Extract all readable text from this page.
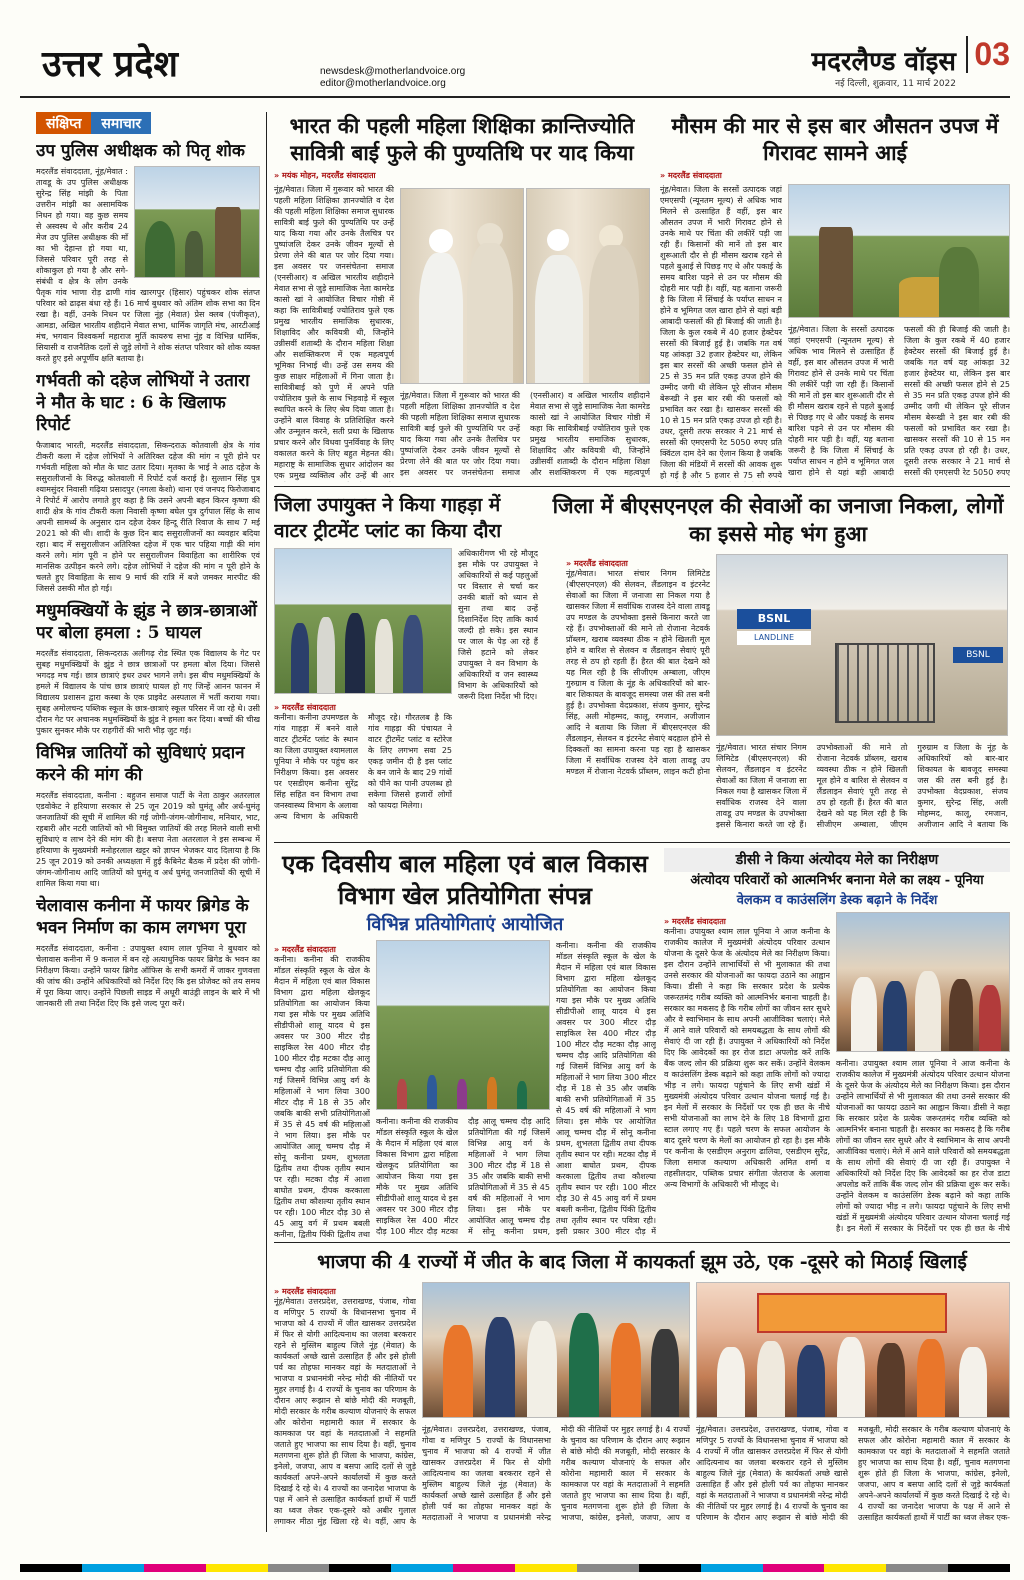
उत्तर प्रदेश	newsdesk@motherlandvoice.org
editor@motherlandvoice.org
मदरलैण्ड वॉइस 03
नई दिल्ली, शुक्रवार, 11 मार्च 2022
संक्षिप्त	समाचार
उप पुलिस अधीक्षक को पितृ शोक
मदरलैंड संवाददाता, नूंह/मेवात : तावडू के उप पुलिस अधीक्षक सुरेन्द्र सिंह मांझी के पिता उत्तरीन मांझी का असामयिक निधन हो गया। वह कुछ समय से अस्वस्थ थे और करीब 24 मेज उप पुलिस अधीक्षक की माँ का भी देहान्त हो गया था, जिससे परिवार पूरी तरह से शोकाकुल हो गया है और सगे-संबंधी व क्षेत्र के लोग उनके पैतृक गांव भाणा रोड़ ढाणी गांव खारगपुर (हिसार) पहुंचकर शोक संतप्त परिवार को ढाढ़स बंधा रहे हैं। 16 मार्च बुधवार को अंतिम शोक सभा का दिन रखा है। वहीं, उनके निधन पर जिला नूंह (मेवात) प्रेस क्लब (पंजीकृत), आमडा, अखिल भारतीय शहीदाने मेवात सभा, धार्मिक जागृति मंच, आरटीआई मंच, भगवान विश्वकर्मा महाराज मुर्ति कायरुच सभा नूंह व विभिन्न धार्मिक, सियासी व राजनैतिक दलों से जुड़े लोगों ने शोक संतप्त परिवार को शोक व्यक्त करते हुए इसे अपूर्णीय क्षति बताया है।
गर्भवती को दहेज लोभियों ने उतारा ने मौत के घाट : 6 के खिलाफ रिपोर्ट
फैजाबाद भारती, मदरलैंड संवाददाता, सिकन्दराऊ कोतवाली क्षेत्र के गांव टीकरी कला में दहेज लोभियों ने अतिरिक्त दहेज की मांग न पूरी होने पर गर्भवती महिला को मौत के घाट उतार दिया। मृतका के भाई ने आठ दहेज के ससुरालीजनों के विरुद्ध कोतवाली में रिपोर्ट दर्ज कराई है। सुल्तान सिंह पुत्र श्यामसुंदर निवासी गढ़िया प्रसादपुर (नगला केशो) थाना एवं जनपद फिरोजाबाद ने रिपोर्ट में आरोप लगाते हुए कहा है कि उसने अपनी बहन किरन कृष्णा की शादी क्षेत्र के गांव टीकरी कला निवासी कृष्णा बघेल पुत्र दुर्गपाल सिंह के साथ अपनी सामर्थ्य के अनुसार दान दहेज देकर हिन्दू रीति रिवाज के साथ 7 मई 2021 को की थी। शादी के कुछ दिन बाद ससुरालीजनों का व्यवहार बदिया रहा। बाद में ससुरालीजन अतिरिक्त दहेज में एक चार पहिया गाड़ी की मांग करने लगे। मांग पूरी न होने पर ससुरालीजन विवाहिता का शारीरिक एवं मानसिक उत्पीड़न करने लगे। दहेज लोभियों ने दहेज की मांग न पूरी होने के चलते हुए विवाहिता के साथ 9 मार्च की रात्रि में बजे जमकर मारपीट की जिससे उसकी मौत हो गई।
मधुमक्खियों के झुंड ने छात्र-छात्राओं पर बोला हमला : 5 घायल
मदरलैंड संवाददाता, सिकन्दराऊ अलीगढ़ रोड स्थित एक विद्यालय के गेट पर सुबह मधुमक्खियों के झुंड ने छात्र छात्राओं पर हमला बोल दिया। जिससे भगदड़ मच गई। छात्र छात्राएं इधर उधर भागने लगे। इस बीच मधुमक्खियों के हमले में विद्यालय के पांच छात्र छात्राएं घायल हो गए जिन्हें आनन फानन में विद्यालय प्रशासन द्वारा कस्बा के एक प्राइवेट अस्पताल में भर्ती कराया गया। सुबह अमोलचन्द पब्लिक स्कूल के छात्र-छात्राएं स्कूल परिसर में जा रहे थे। उसी दौरान गेट पर अचानक मधुमक्खियों के झुंड ने हमला कर दिया। बच्चों की चीख पुकार सुनकर मौके पर राहगीरों की भारी भीड़ जुट गई।
विभिन्न जातियों को सुविधाएं प्रदान करने की मांग की
मदरलैंड संवाददाता, कनीना : बहुजन समाज पार्टी के नेता ठाकुर अतरलाल एडवोकेट ने हरियाणा सरकार से 25 जून 2019 को घुमंतू और अर्ध-घुमंतू जनजातियों की सूची में शामिल की गई जोगी-जंगम-जोगीनाथ, मनियार, भाट, रहबारी और नटरी जातियों को भी विमुक्त जातियों की तरह मिलने वाली सभी सुविधाएं व लाभ देने की मांग की है। बसपा नेता अतरलाल ने इस सम्बन्ध में हरियाणा के मुख्यमंत्री मनोहरलाल खट्टर को ज्ञापन भेजकर याद दिलाया है कि 25 जून 2019 को उनकी अध्यक्षता में हुई कैबिनेट बैठक में प्रदेश की जोगी-जंगम-जोगीनाथ आदि जातियों को घुमंतू व अर्ध घुमंतू जनजातियों की सूची में शामिल किया गया था।
चेलावास कनीना में फायर ब्रिगेड के भवन निर्माण का काम लगभग पूरा
मदरलैंड संवाददाता, कनीना : उपायुक्त श्याम लाल पूनिया ने बुधवार को चेलावास कनीना में 9 कनाल में बन रहे अत्याधुनिक फायर ब्रिगेड के भवन का निरीक्षण किया। उन्होंने फायर ब्रिगेड ऑफिस के सभी कमरों में जाकर गुणवत्ता की जांच की। उन्होंने अधिकारियों को निर्देश दिए कि इस प्रोजेक्ट को तय समय में पूरा किया जाए। उन्होंने पिछली साइड में अधूरी बाउंड्री लाइन के बारे में भी जानकारी ली तथा निर्देश दिए कि इसे जल्द पूरा करें।
भारत की पहली महिला शिक्षिका क्रान्तिज्योति सावित्री बाई फुले की पुण्यतिथि पर याद किया
» मयंक मोहन, मदरलैंड संवाददाता
नूंह/मेवात। जिला में गुरूवार को भारत की पहली महिला शिक्षिका ज्ञानज्योति व देश की पहली महिला शिक्षिका समाज सुधारक सावित्री बाई फुले की पुण्यतिथि पर उन्हें याद किया गया और उनके तैलचित्र पर पुष्पांजलि देकर उनके जीवन मूल्यों से प्रेरणा लेने की बात पर जोर दिया गया। इस अवसर पर जनसंचेतना समाज (एनसीआर) व अखिल भारतीय शहीदाने मेवात सभा से जुड़े सामाजिक नेता कामरेड कासो खां ने आयोजित विचार गोष्ठी में कहा कि सावित्रीबाई ज्योतिराव फुले एक प्रमुख भारतीय समाजिक सुधारक, शिक्षाविद और कवियत्री थी, जिन्होंने उन्नीसवीं शताब्दी के दौरान महिला शिक्षा और सशक्तिकरण में एक महत्वपूर्ण भूमिका निभाई थी। उन्हें उस समय की कुछ साक्षर महिलाओं में गिना जाता है। सावित्रीबाई को पुणे में अपने पति ज्योतिराव फुले के साथ भिड़वाड़े में स्कूल स्थापित करने के लिए श्रेय दिया जाता है। उन्होंने बाल विवाह के प्रतिशिक्षित करने और उन्मूलन करने, सती प्रथा के खिलाफ प्रचार करने और विधवा पुनर्विवाह के लिए वकालत करने के लिए बहुत मेहनत की। महाराष्ट्र के सामाजिक सुधार आंदोलन का एक प्रमुख व्यक्तित्व और उन्हें बी आर
नूंह/मेवात। जिला में गुरूवार को भारत की पहली महिला शिक्षिका ज्ञानज्योति व देश की पहली महिला शिक्षिका समाज सुधारक सावित्री बाई फुले की पुण्यतिथि पर उन्हें याद किया गया और उनके तैलचित्र पर पुष्पांजलि देकर उनके जीवन मूल्यों से प्रेरणा लेने की बात पर जोर दिया गया। इस अवसर पर जनसंचेतना समाज (एनसीआर) व अखिल भारतीय शहीदाने मेवात सभा से जुड़े सामाजिक नेता कामरेड कासो खां ने आयोजित विचार गोष्ठी में कहा कि सावित्रीबाई ज्योतिराव फुले एक प्रमुख भारतीय समाजिक सुधारक, शिक्षाविद और कवियत्री थी, जिन्होंने उन्नीसवीं शताब्दी के दौरान महिला शिक्षा और सशक्तिकरण में एक महत्वपूर्ण
मौसम की मार से इस बार औसतन उपज में गिरावट सामने आई
» मदरलैंड संवाददाता
नूंह/मेवात। जिला के सरसों उत्पादक जहां एमएसपी (न्यूनतम मूल्य) से अधिक भाव मिलने से उत्साहित हैं वहीं, इस बार औसतन उपज में भारी गिरावट होने से उनके माथे पर चिंता की लकीरें पड़ी जा रही हैं। किसानों की मानें तो इस बार शुरूआती दौर से ही मौसम खराब रहने से पहले बुआई से पिछड़ गए थे और पकाई के समय बारिश पड़ने से उन पर मौसम की दोहरी मार पड़ी है। वहीं, यह बताना जरूरी है कि जिला में सिंचाई के पर्याप्त साधन न होने व भूमिगत जल खारा होने से यहां बड़ी आबादी फसलों की ही बिजाई की जाती है। जिला के कुल रकबे में 40 हजार हेक्टेयर सरसों की बिजाई हुई है। जबकि गत वर्ष यह आंकड़ा 32 हजार हेक्टेयर था, लेकिन इस बार सरसों की अच्छी फसल होने से 25 से 35 मन प्रति एकड़ उपज होने की उम्मीद जगी थी लेकिन पूरे सीजन मौसम बेरूखी ने इस बार रबी की फसलों को प्रभावित कर रखा है। खासकर सरसों की 10 से 15 मन प्रति एकड़ उपज हो रही है। उधर, दूसरी तरफ सरकार ने 21 मार्च से सरसों की एमएसपी रेट 5050 रुपए प्रति क्विंटल दाम देने का ऐलान किया है जबकि जिला की मंडियों में सरसों की आवक शुरू हो गई है और 5 हजार से 75 सौ रुपये
नूंह/मेवात। जिला के सरसों उत्पादक जहां एमएसपी (न्यूनतम मूल्य) से अधिक भाव मिलने से उत्साहित हैं वहीं, इस बार औसतन उपज में भारी गिरावट होने से उनके माथे पर चिंता की लकीरें पड़ी जा रही हैं। किसानों की मानें तो इस बार शुरूआती दौर से ही मौसम खराब रहने से पहले बुआई से पिछड़ गए थे और पकाई के समय बारिश पड़ने से उन पर मौसम की दोहरी मार पड़ी है। वहीं, यह बताना जरूरी है कि जिला में सिंचाई के पर्याप्त साधन न होने व भूमिगत जल खारा होने से यहां बड़ी आबादी फसलों की ही बिजाई की जाती है। जिला के कुल रकबे में 40 हजार हेक्टेयर सरसों की बिजाई हुई है। जबकि गत वर्ष यह आंकड़ा 32 हजार हेक्टेयर था, लेकिन इस बार सरसों की अच्छी फसल होने से 25 से 35 मन प्रति एकड़ उपज होने की उम्मीद जगी थी लेकिन पूरे सीजन मौसम बेरूखी ने इस बार रबी की फसलों को प्रभावित कर रखा है। खासकर सरसों की 10 से 15 मन प्रति एकड़ उपज हो रही है। उधर, दूसरी तरफ सरकार ने 21 मार्च से सरसों की एमएसपी रेट 5050 रुपए
जिला उपायुक्त ने किया गाहड़ा में वाटर ट्रीटमेंट प्लांट का किया दौरा
अधिकारीगण भी रहे मौजूद इस मौके पर उपायुक्त ने अधिकारियों से कई पहलुओं पर विस्तार से चर्चा कर उनकी बातों को ध्यान से सुना तथा बाद उन्हें दिशानिर्देश दिए ताकि कार्य जल्दी हो सके। इस स्थान पर जाल के पेड़ आ रहे हैं जिसे हटाने को लेकर उपायुक्त ने वन विभाग के अधिकारियों व जन स्वास्थ्य विभाग के अधिकारियों को जरूरी दिशा निर्देश भी दिए।
» मदरलैंड संवाददाता
कनीना। कनीना उपमण्डल के गांव गाहड़ा में बनने वाले वाटर ट्रीटमेंट प्लांट के स्थान का जिला उपायुक्त श्यामलाल पूनिया ने मौके पर पहुंच कर निरीक्षण किया। इस अवसर पर एसडीएम कनीना सुरेंद्र सिंह सहित वन विभाग तथा जनस्वास्थ्य विभाग के अलावा अन्य विभाग के अधिकारी मौजूद रहे। गौरतलब है कि गांव गाहड़ा की पंचायत ने वाटर ट्रीटमेंट प्लांट व स्टोरेज के लिए लगभग सवा 25 एकड़ जमीन दी है इस प्लांट के बन जाने के बाद 29 गांवों को पीने का पानी उपलब्ध हो सकेगा जिससे हजारों लोगों को फायदा मिलेगा।
जिला में बीएसएनएल की सेवाओं का जनाजा निकला, लोगों का इससे मोह भंग हुआ
» मदरलैंड संवाददाता
नूंह/मेवात। भारत संचार निगम लिमिटेड (बीएसएनएल) की सेलवन, लैंडलाइन व इंटरनेट सेवाओं का जिला में जनाजा सा निकल गया है खासकर जिला में सर्वाधिक राजस्व देने वाला तावडू उप मण्डल के उपभोक्ता इससे किनारा करते जा रहे हैं। उपभोक्ताओं की माने तो रोजाना नेटवर्क प्रॉब्लम, खराब व्यवस्था ठीक न होने खिलती मूल होने व बारिश से सेलवन व लैंडलाइन सेवाएं पूरी तरह से ठप हो रहती हैं। हैरत की बात देखने को यह मिल रही है कि सीजीएम अम्बाला, जीएम गुरुग्राम व जिला के नूंह के अधिकारियों को बार-बार शिकायत के बावजूद समस्या जस की तस बनी हुई है। उपभोक्ता वेदप्रकाश, संजय कुमार, सुरेन्द्र सिंह, अली मोहम्मद, कालू, रमजान, अजीजान आदि ने बताया कि जिला में बीएसएनएल की लैंडलाइन, सेलवन व इंटरनेट सेवाएं बदहाल होने से दिक्कतों का सामना करना पड़ रहा है खासकर जिला में सर्वाधिक राजस्व देने वाला तावडू उप मण्डल में रोजाना नेटवर्क प्रॉब्लम, लाइन कटी होना
BSNL
LANDLINE
BSNL
नूंह/मेवात। भारत संचार निगम लिमिटेड (बीएसएनएल) की सेलवन, लैंडलाइन व इंटरनेट सेवाओं का जिला में जनाजा सा निकल गया है खासकर जिला में सर्वाधिक राजस्व देने वाला तावडू उप मण्डल के उपभोक्ता इससे किनारा करते जा रहे हैं। उपभोक्ताओं की माने तो रोजाना नेटवर्क प्रॉब्लम, खराब व्यवस्था ठीक न होने खिलती मूल होने व बारिश से सेलवन व लैंडलाइन सेवाएं पूरी तरह से ठप हो रहती हैं। हैरत की बात देखने को यह मिल रही है कि सीजीएम अम्बाला, जीएम गुरुग्राम व जिला के नूंह के अधिकारियों को बार-बार शिकायत के बावजूद समस्या जस की तस बनी हुई है। उपभोक्ता वेदप्रकाश, संजय कुमार, सुरेन्द्र सिंह, अली मोहम्मद, कालू, रमजान, अजीजान आदि ने बताया कि
एक दिवसीय बाल महिला एवं बाल विकास विभाग खेल प्रतियोगिता संपन्न
विभिन्न प्रतियोगिताएं आयोजित
» मदरलैंड संवाददाता
कनीना। कनीना की राजकीय मॉडल संस्कृति स्कूल के खेल के मैदान में महिला एवं बाल विकास विभाग द्वारा महिला खेलकूद प्रतियोगिता का आयोजन किया गया इस मौके पर मुख्य अतिथि सीडीपीओ शालू यादव थे इस अवसर पर 300 मीटर दौड़ साइकिल रेस 400 मीटर दौड़ 100 मीटर दौड़ मटका दौड़ आलू चम्मच दौड़ आदि प्रतियोगिता की गई जिसमें विभिन्न आयु वर्ग के महिलाओं ने भाग लिया 300 मीटर दौड़ में 18 से 35 और जबकि बाकी सभी प्रतियोगिताओं में 35 से 45 वर्ष की महिलाओं ने भाग लिया। इस मौके पर आयोजित आलू चम्मच दौड़ में सोनू कनीना प्रथम, शुभलता द्वितीय तथा दीपक तृतीय स्थान पर रही। मटका दौड़ में आशा बाघोत प्रथम, दीपक करकाला द्वितीय तथा कौशल्या तृतीय स्थान पर रही। 100 मीटर दौड़ 30 से 45 आयु वर्ग में प्रथम बबली कनीना, द्वितीय पिंकी द्वितीय तथा
कनीना। कनीना की राजकीय मॉडल संस्कृति स्कूल के खेल के मैदान में महिला एवं बाल विकास विभाग द्वारा महिला खेलकूद प्रतियोगिता का आयोजन किया गया इस मौके पर मुख्य अतिथि सीडीपीओ शालू यादव थे इस अवसर पर 300 मीटर दौड़ साइकिल रेस 400 मीटर दौड़ 100 मीटर दौड़ मटका दौड़ आलू चम्मच दौड़ आदि प्रतियोगिता की गई जिसमें विभिन्न आयु वर्ग के महिलाओं ने भाग लिया 300 मीटर दौड़ में 18 से 35 और जबकि बाकी सभी प्रतियोगिताओं में 35 से 45 वर्ष की महिलाओं ने भाग लिया। इस मौके पर आयोजित आलू चम्मच दौड़ में सोनू कनीना प्रथम,
कनीना। कनीना की राजकीय मॉडल संस्कृति स्कूल के खेल के मैदान में महिला एवं बाल विकास विभाग द्वारा महिला खेलकूद प्रतियोगिता का आयोजन किया गया इस मौके पर मुख्य अतिथि सीडीपीओ शालू यादव थे इस अवसर पर 300 मीटर दौड़ साइकिल रेस 400 मीटर दौड़ 100 मीटर दौड़ मटका दौड़ आलू चम्मच दौड़ आदि प्रतियोगिता की गई जिसमें विभिन्न आयु वर्ग के महिलाओं ने भाग लिया 300 मीटर दौड़ में 18 से 35 और जबकि बाकी सभी प्रतियोगिताओं में 35 से 45 वर्ष की महिलाओं ने भाग लिया। इस मौके पर आयोजित आलू चम्मच दौड़ में सोनू कनीना प्रथम, शुभलता द्वितीय तथा दीपक तृतीय स्थान पर रही। मटका दौड़ में आशा बाघोत प्रथम, दीपक करकाला द्वितीय तथा कौशल्या तृतीय स्थान पर रही। 100 मीटर दौड़ 30 से 45 आयु वर्ग में प्रथम बबली कनीना, द्वितीय पिंकी द्वितीय तथा तृतीय स्थान पर पवित्रा रही। इसी प्रकार 300 मीटर दौड़ में
डीसी ने किया अंत्योदय मेले का निरीक्षण
अंत्योदय परिवारों को आत्मनिर्भर बनाना मेले का लक्ष्य - पूनिया
वेलकम व काउंसलिंग डेस्क बढ़ाने के निर्देश
» मदरलैंड संवाददाता
कनीना। उपायुक्त श्याम लाल पूनिया ने आज कनीना के राजकीय कालेज में मुख्यमंत्री अंत्योदय परिवार उत्थान योजना के दूसरे फेज के अंत्योदय मेले का निरीक्षण किया। इस दौरान उन्होंने लाभार्थियों से भी मुलाकात की तथा उनसे सरकार की योजनाओं का फायदा उठाने का आह्वान किया। डीसी ने कहा कि सरकार प्रदेश के प्रत्येक जरूरतमंद गरीब व्यक्ति को आत्मनिर्भर बनाना चाहती है। सरकार का मकसद है कि गरीब लोगों का जीवन स्तर सुधरे और वे स्वाभिमान के साथ अपनी आजीविका चलाएं। मेले में आने वाले परिवारों को समयबद्धता के साथ लोगों की सेवाएं दी जा रही हैं। उपायुक्त ने अधिकारियों को निर्देश दिए कि आवेदकों का हर रोज डाटा अपलोड करें ताकि बैंक जल्द लोन की प्रक्रिया शुरू कर सकें। उन्होंने वेलकम व काउंसलिंग डेस्क बढ़ाने को कहा ताकि लोगों को ज्यादा भीड़ न लगे। फायदा पहुंचाने के लिए सभी खंडों में मुख्यमंत्री अंत्योदय परिवार उत्थान योजना चलाई गई है। इन मेलों में सरकार के निर्देशों पर एक ही छत के नीचे सभी योजनाओं का लाभ देने के लिए 18 विभागों द्वारा स्टाल लगाए गए हैं। पहले चरण के सफल आयोजन के बाद दूसरे चरण के मेलों का आयोजन हो रहा है। इस मौके पर कनीना के एसडीएम अनुराग ढालिया, एसडीएम सुरेंद्र, जिला समाज कल्याण अधिकारी अमित शर्मा व तहसीलदार, पब्लिक प्रचार संगीता जेतराज के अलावा अन्य विभागों के अधिकारी भी मौजूद थे।
कनीना। उपायुक्त श्याम लाल पूनिया ने आज कनीना के राजकीय कालेज में मुख्यमंत्री अंत्योदय परिवार उत्थान योजना के दूसरे फेज के अंत्योदय मेले का निरीक्षण किया। इस दौरान उन्होंने लाभार्थियों से भी मुलाकात की तथा उनसे सरकार की योजनाओं का फायदा उठाने का आह्वान किया। डीसी ने कहा कि सरकार प्रदेश के प्रत्येक जरूरतमंद गरीब व्यक्ति को आत्मनिर्भर बनाना चाहती है। सरकार का मकसद है कि गरीब लोगों का जीवन स्तर सुधरे और वे स्वाभिमान के साथ अपनी आजीविका चलाएं। मेले में आने वाले परिवारों को समयबद्धता के साथ लोगों की सेवाएं दी जा रही हैं। उपायुक्त ने अधिकारियों को निर्देश दिए कि आवेदकों का हर रोज डाटा अपलोड करें ताकि बैंक जल्द लोन की प्रक्रिया शुरू कर सकें। उन्होंने वेलकम व काउंसलिंग डेस्क बढ़ाने को कहा ताकि लोगों को ज्यादा भीड़ न लगे। फायदा पहुंचाने के लिए सभी खंडों में मुख्यमंत्री अंत्योदय परिवार उत्थान योजना चलाई गई है। इन मेलों में सरकार के निर्देशों पर एक ही छत के नीचे
भाजपा की 4 राज्यों में जीत के बाद जिला में कायकर्ता झूम उठे, एक -दूसरे को मिठाई खिलाई
» मदरलैंड संवाददाता
नूंह/मेवात। उत्तरप्रदेश, उत्तराखण्ड, पंजाब, गोवा व मणिपुर 5 राज्यों के विधानसभा चुनाव में भाजपा को 4 राज्यों में जीत खासकर उत्तरप्रदेश में फिर से योगी आदित्यनाथ का जलवा बरकरार रहने से मुस्लिम बाहुल्य जिले नूंह (मेवात) के कार्यकर्ता अच्छे खासे उत्साहित हैं और इसे होली पर्व का तोहफा मानकर वहां के मतदाताओं ने भाजपा व प्रधानमंत्री नरेन्द्र मोदी की नीतियों पर मुहर लगाई है। 4 राज्यों के चुनाव का परिणाम के दौरान आए रूझान से बांछे मोदी की मजबूती, मोदी सरकार के गरीब कल्याण योजनाएं के सफल और कोरोना महामारी काल में सरकार के कामकाज पर वहां के मतदाताओं ने सहमति जताते हुए भाजपा का साथ दिया है। वहीं, चुनाव मतगणना शुरू होते ही जिला के भाजपा, कांग्रेस, इनेलो, जजपा, आप व बसपा आदि दलों से जुड़े कार्यकर्ता अपने-अपने कार्यालयों में कुछ करते दिखाई दे रहे थे। 4 राज्यों का जनादेश भाजपा के पक्ष में आने से उत्साहित कार्यकर्ता हाथों में पार्टी का ध्वज लेकर एक-दूसरे को अबीर गुलाल लगाकर मीठा मुंह खिला रहे थे। वहीं, आप के
नूंह/मेवात। उत्तरप्रदेश, उत्तराखण्ड, पंजाब, गोवा व मणिपुर 5 राज्यों के विधानसभा चुनाव में भाजपा को 4 राज्यों में जीत खासकर उत्तरप्रदेश में फिर से योगी आदित्यनाथ का जलवा बरकरार रहने से मुस्लिम बाहुल्य जिले नूंह (मेवात) के कार्यकर्ता अच्छे खासे उत्साहित हैं और इसे होली पर्व का तोहफा मानकर वहां के मतदाताओं ने भाजपा व प्रधानमंत्री नरेन्द्र मोदी की नीतियों पर मुहर लगाई है। 4 राज्यों के चुनाव का परिणाम के दौरान आए रूझान से बांछे मोदी की मजबूती, मोदी सरकार के गरीब कल्याण योजनाएं के सफल और कोरोना महामारी काल में सरकार के कामकाज पर वहां के मतदाताओं ने सहमति जताते हुए भाजपा का साथ दिया है। वहीं, चुनाव मतगणना शुरू होते ही जिला के भाजपा, कांग्रेस, इनेलो, जजपा, आप व
नूंह/मेवात। उत्तरप्रदेश, उत्तराखण्ड, पंजाब, गोवा व मणिपुर 5 राज्यों के विधानसभा चुनाव में भाजपा को 4 राज्यों में जीत खासकर उत्तरप्रदेश में फिर से योगी आदित्यनाथ का जलवा बरकरार रहने से मुस्लिम बाहुल्य जिले नूंह (मेवात) के कार्यकर्ता अच्छे खासे उत्साहित हैं और इसे होली पर्व का तोहफा मानकर वहां के मतदाताओं ने भाजपा व प्रधानमंत्री नरेन्द्र मोदी की नीतियों पर मुहर लगाई है। 4 राज्यों के चुनाव का परिणाम के दौरान आए रूझान से बांछे मोदी की मजबूती, मोदी सरकार के गरीब कल्याण योजनाएं के सफल और कोरोना महामारी काल में सरकार के कामकाज पर वहां के मतदाताओं ने सहमति जताते हुए भाजपा का साथ दिया है। वहीं, चुनाव मतगणना शुरू होते ही जिला के भाजपा, कांग्रेस, इनेलो, जजपा, आप व बसपा आदि दलों से जुड़े कार्यकर्ता अपने-अपने कार्यालयों में कुछ करते दिखाई दे रहे थे। 4 राज्यों का जनादेश भाजपा के पक्ष में आने से उत्साहित कार्यकर्ता हाथों में पार्टी का ध्वज लेकर एक-
